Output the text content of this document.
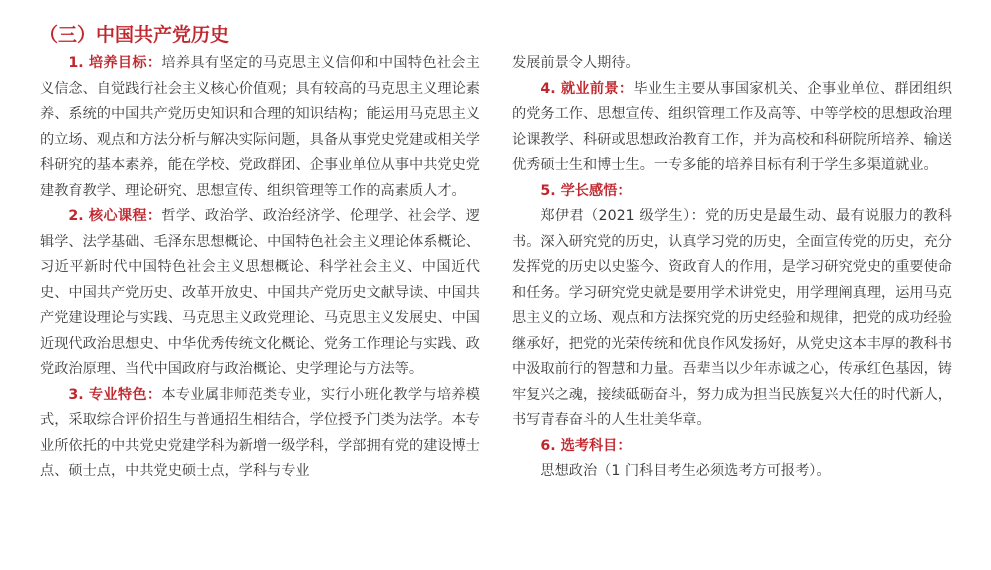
（三）中国共产党历史

1. 培养目标：培养具有坚定的马克思主义信仰和中国特色社会主义信念、自觉践行社会主义核心价值观；具有较高的马克思主义理论素养、系统的中国共产党历史知识和合理的知识结构；能运用马克思主义的立场、观点和方法分析与解决实际问题，具备从事党史党建或相关学科研究的基本素养，能在学校、党政群团、企事业单位从事中共党史党建教育教学、理论研究、思想宣传、组织管理等工作的高素质人才。

2. 核心课程：哲学、政治学、政治经济学、伦理学、社会学、逻辑学、法学基础、毛泽东思想概论、中国特色社会主义理论体系概论、习近平新时代中国特色社会主义思想概论、科学社会主义、中国近代史、中国共产党历史、改革开放史、中国共产党历史文献导读、中国共产党建设理论与实践、马克思主义政党理论、马克思主义发展史、中国近现代政治思想史、中华优秀传统文化概论、党务工作理论与实践、政党政治原理、当代中国政府与政治概论、史学理论与方法等。

3. 专业特色：本专业属非师范类专业，实行小班化教学与培养模式，采取综合评价招生与普通招生相结合，学位授予门类为法学。本专业所依托的中共党史党建学科为新增一级学科，学部拥有党的建设博士点、硕士点，中共党史硕士点，学科与专业

发展前景令人期待。

4. 就业前景：毕业生主要从事国家机关、企事业单位、群团组织的党务工作、思想宣传、组织管理工作及高等、中等学校的思想政治理论课教学、科研或思想政治教育工作，并为高校和科研院所培养、输送优秀硕士生和博士生。一专多能的培养目标有利于学生多渠道就业。

5. 学长感悟：

郑伊君（2021 级学生）：党的历史是最生动、最有说服力的教科书。深入研究党的历史，认真学习党的历史，全面宣传党的历史，充分发挥党的历史以史鉴今、资政育人的作用，是学习研究党史的重要使命和任务。学习研究党史就是要用学术讲党史，用学理阐真理，运用马克思主义的立场、观点和方法探究党的历史经验和规律，把党的成功经验继承好，把党的光荣传统和优良作风发扬好，从党史这本丰厚的教科书中汲取前行的智慧和力量。吾辈当以少年赤诚之心，传承红色基因，铸牢复兴之魂，接续砥砺奋斗，努力成为担当民族复兴大任的时代新人，书写青春奋斗的人生壮美华章。

6. 选考科目：

思想政治（1 门科目考生必须选考方可报考）。
